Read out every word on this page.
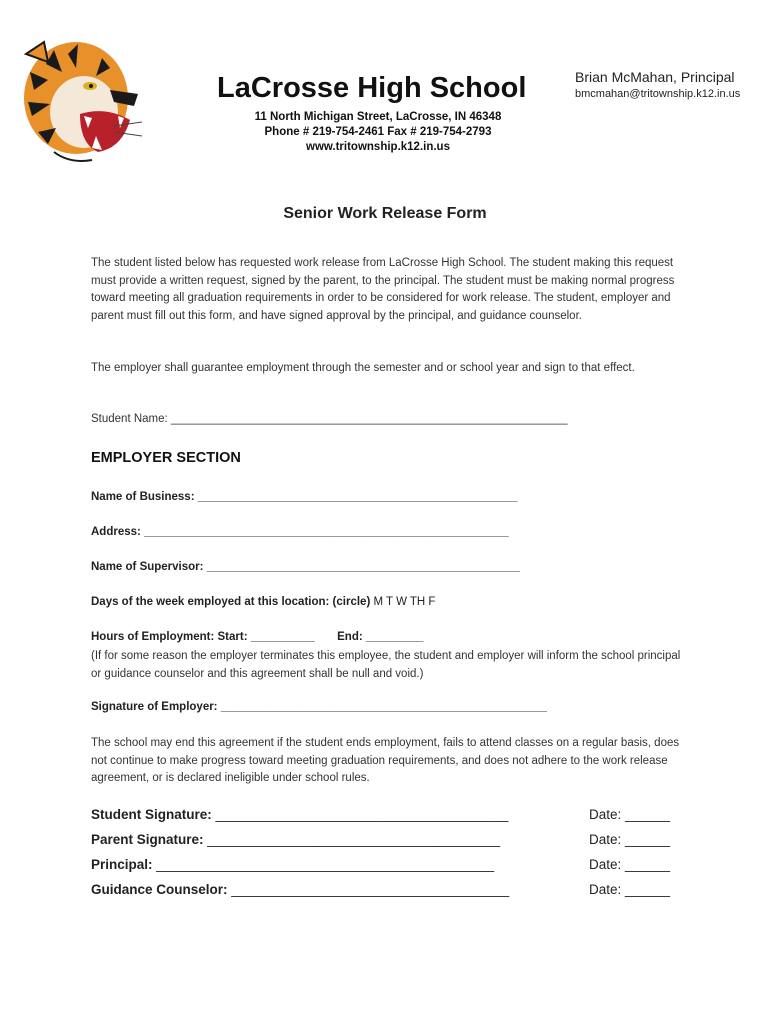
LaCrosse High School	Brian McMahan, Principal
bmcmahan@tritownship.k12.in.us
11 North Michigan Street, LaCrosse, IN 46348
Phone # 219-754-2461 Fax # 219-754-2793
www.tritownship.k12.in.us
Senior Work Release Form
The student listed below has requested work release from LaCrosse High School. The student making this request must provide a written request, signed by the parent, to the principal. The student must be making normal progress toward meeting all graduation requirements in order to be considered for work release. The student, employer and parent must fill out this form, and have signed approval by the principal, and guidance counselor.
The employer shall guarantee employment through the semester and or school year and sign to that effect.
Student Name: ______________________________________________________________
EMPLOYER SECTION
Name of Business: __________________________________________________
Address: _________________________________________________________
Name of Supervisor: _________________________________________________
Days of the week employed at this location: (circle) M T W TH F
Hours of Employment: Start: __________ End: _________
(If for some reason the employer terminates this employee, the student and employer will inform the school principal or guidance counselor and this agreement shall be null and void.)
Signature of Employer: ___________________________________________________
The school may end this agreement if the student ends employment, fails to attend classes on a regular basis, does not continue to make progress toward meeting graduation requirements, and does not adhere to the work release agreement, or is declared ineligible under school rules.
Student Signature: _______________________________________	Date: ______
Parent Signature: _______________________________________	Date: ______
Principal: _____________________________________________	Date: ______
Guidance Counselor: _____________________________________	Date: ______
